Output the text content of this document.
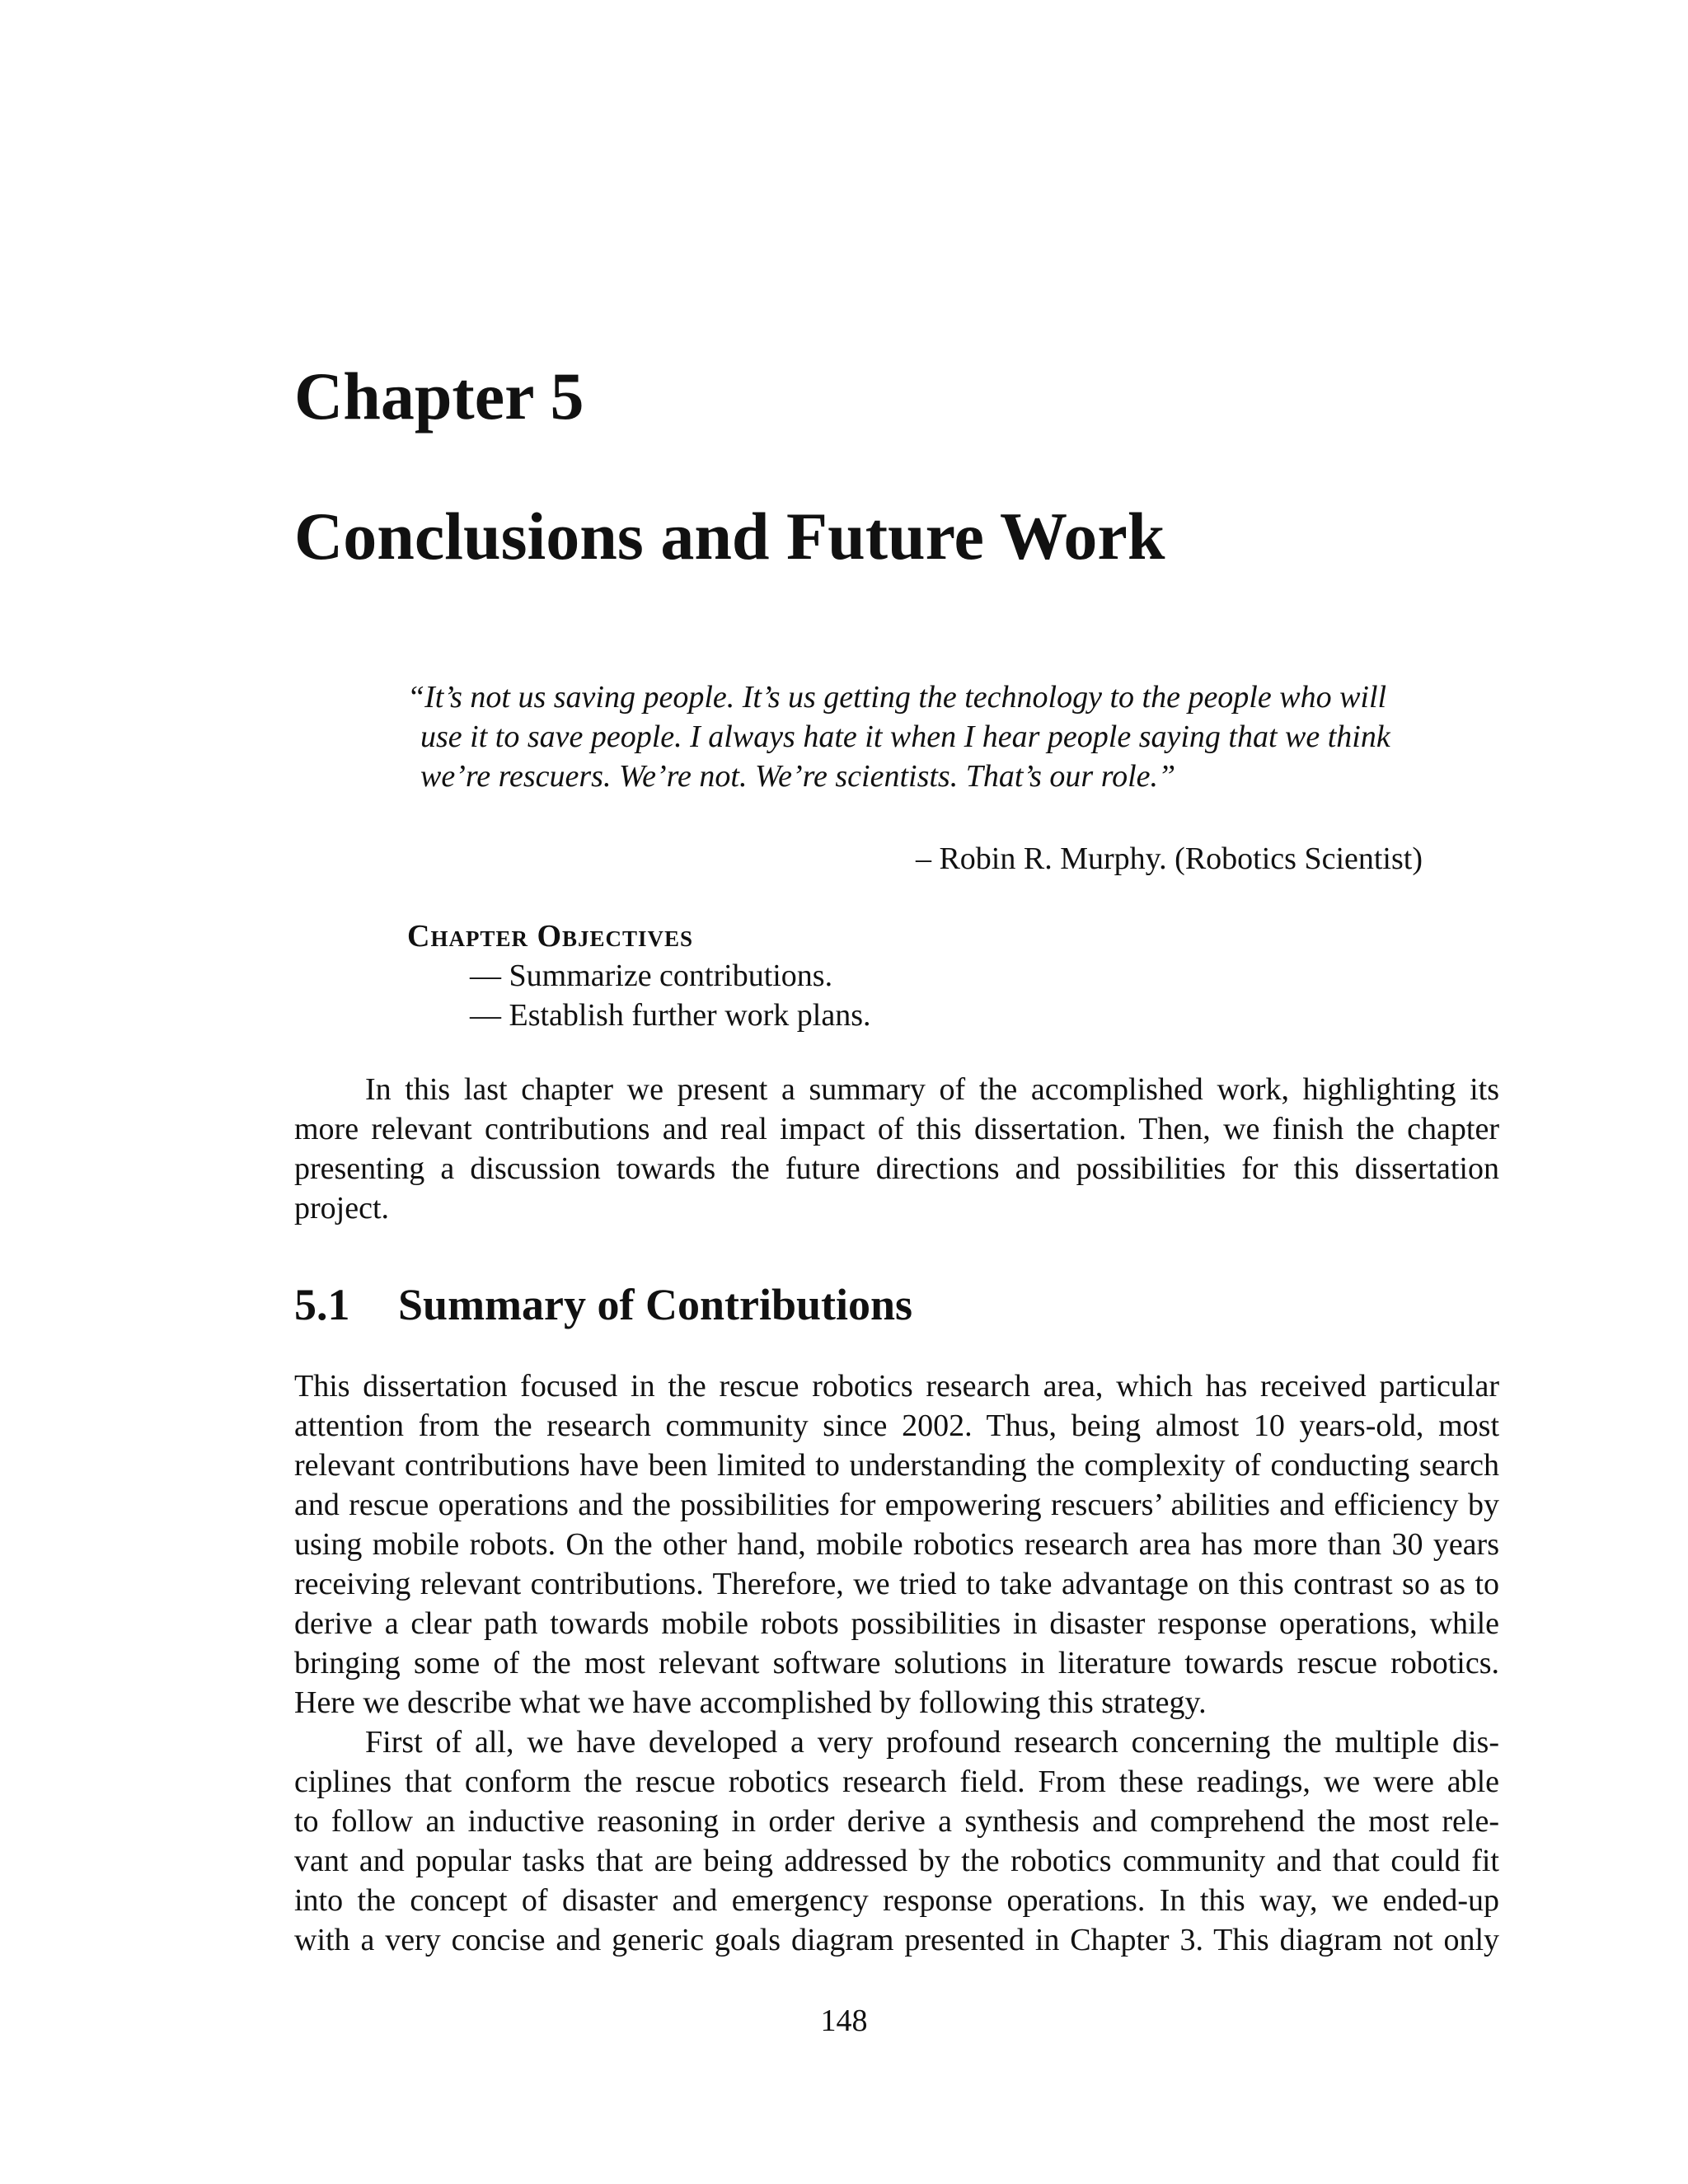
Chapter 5
Conclusions and Future Work
“It’s not us saving people. It’s us getting the technology to the people who will
use it to save people. I always hate it when I hear people saying that we think
we’re rescuers. We’re not. We’re scientists. That’s our role.”
– Robin R. Murphy. (Robotics Scientist)
Chapter Objectives
— Summarize contributions.
— Establish further work plans.

In this last chapter we present a summary of the accomplished work, highlighting its
more relevant contributions and real impact of this dissertation. Then, we finish the chapter
presenting a discussion towards the future directions and possibilities for this dissertation
project.

5.1 Summary of Contributions

This dissertation focused in the rescue robotics research area, which has received particular
attention from the research community since 2002. Thus, being almost 10 years-old, most
relevant contributions have been limited to understanding the complexity of conducting search
and rescue operations and the possibilities for empowering rescuers’ abilities and efficiency by
using mobile robots. On the other hand, mobile robotics research area has more than 30 years
receiving relevant contributions. Therefore, we tried to take advantage on this contrast so as to
derive a clear path towards mobile robots possibilities in disaster response operations, while
bringing some of the most relevant software solutions in literature towards rescue robotics.
Here we describe what we have accomplished by following this strategy.

First of all, we have developed a very profound research concerning the multiple dis-
ciplines that conform the rescue robotics research field. From these readings, we were able
to follow an inductive reasoning in order derive a synthesis and comprehend the most rele-
vant and popular tasks that are being addressed by the robotics community and that could fit
into the concept of disaster and emergency response operations. In this way, we ended-up
with a very concise and generic goals diagram presented in Chapter 3. This diagram not only

148
